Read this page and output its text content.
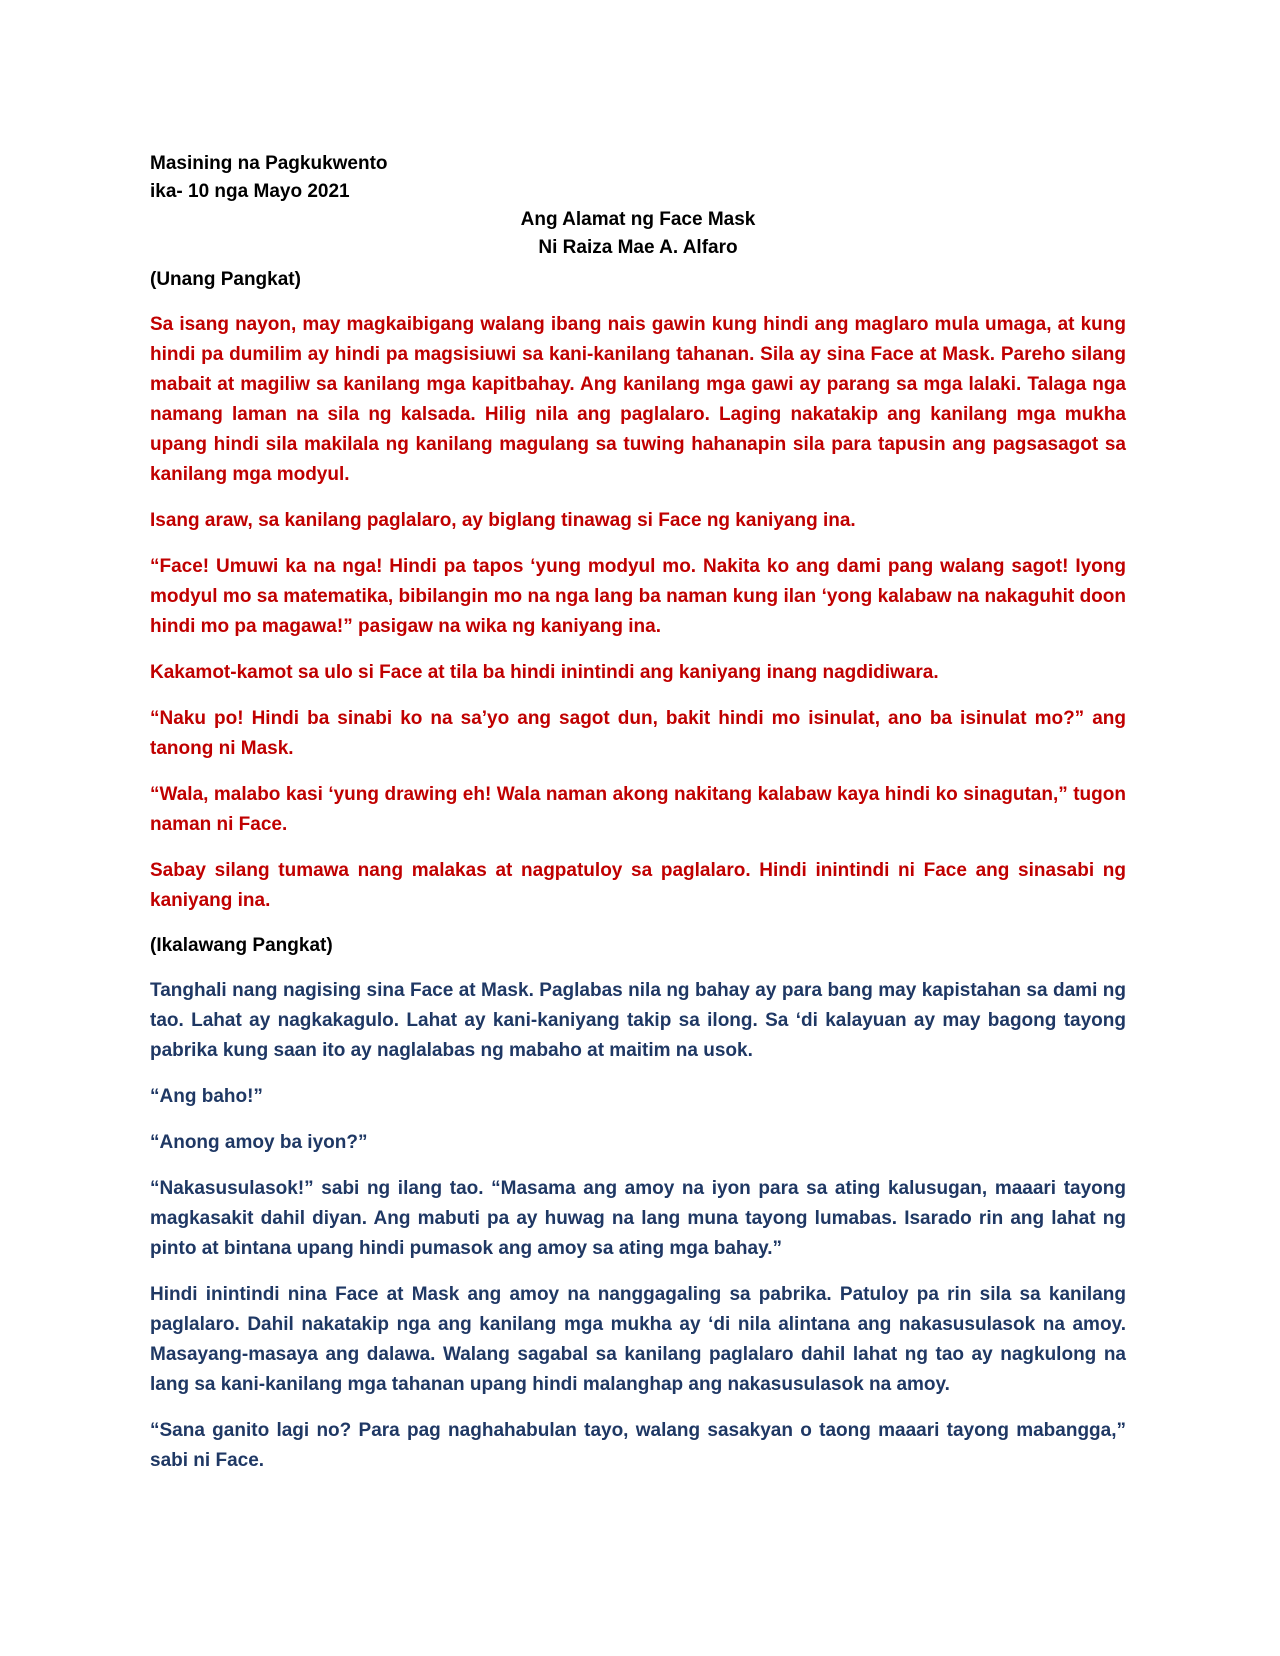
Masining na Pagkukwento

ika- 10 nga Mayo 2021

Ang Alamat ng Face Mask

Ni Raiza Mae A. Alfaro

(Unang Pangkat)

Sa isang nayon, may magkaibigang walang ibang nais gawin kung hindi ang maglaro mula umaga, at kung hindi pa dumilim ay hindi pa magsisiuwi sa kani-kanilang tahanan. Sila ay sina Face at Mask. Pareho silang mabait at magiliw sa kanilang mga kapitbahay. Ang kanilang mga gawi ay parang sa mga lalaki. Talaga nga namang laman na sila ng kalsada. Hilig nila ang paglalaro. Laging nakatakip ang kanilang mga mukha upang hindi sila makilala ng kanilang magulang sa tuwing hahanapin sila para tapusin ang pagsasagot sa kanilang mga modyul.

Isang araw, sa kanilang paglalaro, ay biglang tinawag si Face ng kaniyang ina.

“Face! Umuwi ka na nga! Hindi pa tapos ‘yung modyul mo. Nakita ko ang dami pang walang sagot! Iyong modyul mo sa matematika, bibilangin mo na nga lang ba naman kung ilan ‘yong kalabaw na nakaguhit doon hindi mo pa magawa!” pasigaw na wika ng kaniyang ina.

Kakamot-kamot sa ulo si Face at tila ba hindi inintindi ang kaniyang inang nagdidiwara.

“Naku po! Hindi ba sinabi ko na sa’yo ang sagot dun, bakit hindi mo isinulat, ano ba isinulat mo?” ang tanong ni Mask.

“Wala, malabo kasi ‘yung drawing eh! Wala naman akong nakitang kalabaw kaya hindi ko sinagutan,” tugon naman ni Face.

Sabay silang tumawa nang malakas at nagpatuloy sa paglalaro. Hindi inintindi ni Face ang sinasabi ng kaniyang ina.

(Ikalawang Pangkat)

Tanghali nang nagising sina Face at Mask. Paglabas nila ng bahay ay para bang may kapistahan sa dami ng tao. Lahat ay nagkakagulo. Lahat ay kani-kaniyang takip sa ilong. Sa ‘di kalayuan ay may bagong tayong pabrika kung saan ito ay naglalabas ng mabaho at maitim na usok.

“Ang baho!”

“Anong amoy ba iyon?”

“Nakasusulasok!” sabi ng ilang tao. “Masama ang amoy na iyon para sa ating kalusugan, maaari tayong magkasakit dahil diyan. Ang mabuti pa ay huwag na lang muna tayong lumabas. Isarado rin ang lahat ng pinto at bintana upang hindi pumasok ang amoy sa ating mga bahay.”

Hindi inintindi nina Face at Mask ang amoy na nanggagaling sa pabrika. Patuloy pa rin sila sa kanilang paglalaro. Dahil nakatakip nga ang kanilang mga mukha ay ‘di nila alintana ang nakasusulasok na amoy. Masayang-masaya ang dalawa. Walang sagabal sa kanilang paglalaro dahil lahat ng tao ay nagkulong na lang sa kani-kanilang mga tahanan upang hindi malanghap ang nakasusulasok na amoy.

“Sana ganito lagi no? Para pag naghahabulan tayo, walang sasakyan o taong maaari tayong mabangga,” sabi ni Face.
